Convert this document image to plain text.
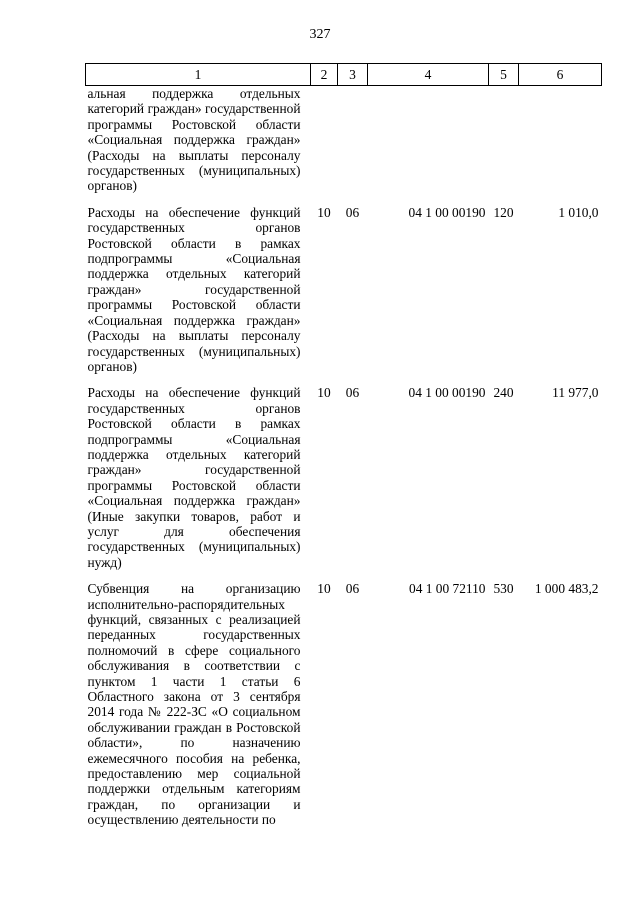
327
1	2	3	4	5	6
альная поддержка отдельных категорий граждан» государственной программы Ростовской области «Социальная поддержка граждан» (Расходы на выплаты персоналу государственных (муниципальных) органов)					
Расходы на обеспечение функций государственных органов Ростовской области в рамках подпрограммы «Социальная поддержка отдельных категорий граждан» государственной программы Ростовской области «Социальная поддержка граждан» (Расходы на выплаты персоналу государственных (муниципальных) органов)	10	06	04 1 00 00190	120	1 010,0
Расходы на обеспечение функций государственных органов Ростовской области в рамках подпрограммы «Социальная поддержка отдельных категорий граждан» государственной программы Ростовской области «Социальная поддержка граждан» (Иные закупки товаров, работ и услуг для обеспечения государственных (муниципальных) нужд)	10	06	04 1 00 00190	240	11 977,0
Субвенция на организацию исполнительно-распорядительных функций, связанных с реализацией переданных государственных полномочий в сфере социального обслуживания в соответствии с пунктом 1 части 1 статьи 6 Областного закона от 3 сентября 2014 года № 222-ЗС «О социальном обслуживании граждан в Ростовской области», по назначению ежемесячного пособия на ребенка, предоставлению мер социальной поддержки отдельным категориям граждан, по организации и осуществлению деятельности по	10	06	04 1 00 72110	530	1 000 483,2
